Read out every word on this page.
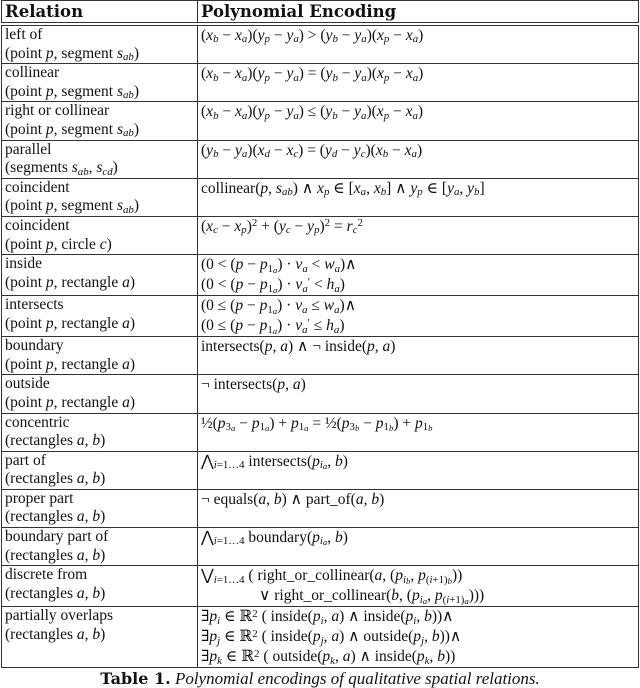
Relation	Polynomial Encoding

left of
(point p, segment $s_{ab}$)	$(x_b - x_a)(y_p - y_a) > (y_b - y_a)(x_p - x_a)$

collinear
(point p, segment $s_{ab}$)	$(x_b - x_a)(y_p - y_a) = (y_b - y_a)(x_p - x_a)$

right or collinear
(point p, segment $s_{ab}$)	$(x_b - x_a)(y_p - y_a) \le (y_b - y_a)(x_p - x_a)$

parallel
(segments $s_{ab}$, $s_{cd}$)	$(y_b - y_a)(x_d - x_c) = (y_d - y_c)(x_b - x_a)$

coincident
(point p, segment $s_{ab}$)	collinear(p, $s_{ab}$) ∧ $x_p$ ∈ [$x_a$, $x_b$] ∧ $y_p$ ∈ [$y_a$, $y_b$]

coincident
(point p, circle c)	$(x_c - x_p)^2 + (y_c - y_p)^2 = r_c^2$

inside
(point p, rectangle a)	($0 < (p - p_{1_a}) \cdot v_a$ < $w_a)\wedge$
$(0 < (p - p_{1_a}) \cdot v_a' < h_a)$

intersects
(point p, rectangle a)	($0 \le (p - p_{1_a}) \cdot v_a$ ≤ $w_a)\wedge$
$(0 \le (p - p_{1_a}) \cdot v_a' \le h_a)$

boundary
(point p, rectangle a)	intersects(p, a) ∧ ¬ inside(p, a)

outside
(point p, rectangle a)	¬ intersects(p, a)

concentric
(rectangles a, b)	$\frac{1}{2}(p_{3_a} - p_{1_a}) + p_{1_a}$ = $\frac{1}{2}(p_{3_b} - p_{1_b}) + p_{1_b}$

part of
(rectangles a, b)	$⋀_{i=1\dots 4}$ $intersects(p_{i_a}$, b)

proper part
(rectangles a, b)	¬ equals(a, b) ∧ part_of(a, b)

boundary part of
(rectangles a, b)	$⋀_{i=1\dots 4}$ $boundary(p_{i_a}$, b)

discrete from
(rectangles a, b)	$⋁_{i=1\dots 4}$ ( right_or_collinear(a, ($p_{i_b}$, $p_{(i+1)_b}$))
∨ right_or_collinear(b, ($p_{i_a}$, $p_{(i+1)_a}$)))

partially overlaps
(rectangles a, b)	$\exists p_i$ ∈ ℝ$^2$ ( $inside(p_i$, a) ∧ $inside(p_i$, b))∧
$\exists p_j$ ∈ ℝ$^2$ ( $inside(p_j$, a) ∧ $outside(p_j$, b))∧
$\exists p_k$ ∈ ℝ$^2$ ( $outside(p_k$, a) ∧ $inside(p_k$, b))
Table 1. Polynomial encodings of qualitative spatial relations.
